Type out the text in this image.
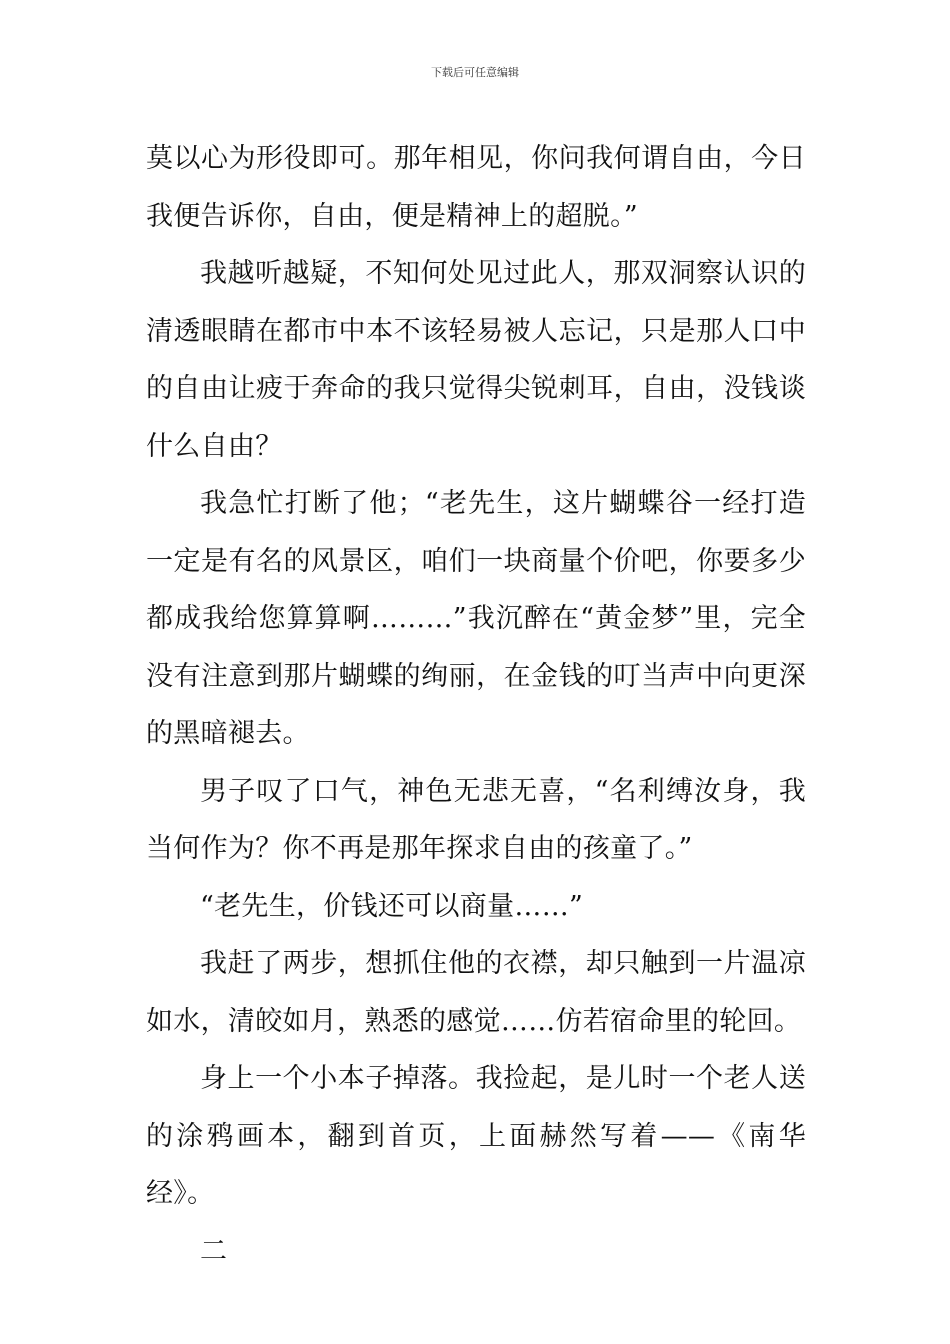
下载后可任意编辑

莫以心为形役即可。那年相见，你问我何谓自由，今日我便告诉你，自由，便是精神上的超脱。”

我越听越疑，不知何处见过此人，那双洞察认识的清透眼睛在都市中本不该轻易被人忘记，只是那人口中的自由让疲于奔命的我只觉得尖锐刺耳，自由，没钱谈什么自由？

我急忙打断了他；“老先生，这片蝴蝶谷一经打造一定是有名的风景区，咱们一块商量个价吧，你要多少都成我给您算算啊………”我沉醉在“黄金梦”里，完全没有注意到那片蝴蝶的绚丽，在金钱的叮当声中向更深的黑暗褪去。

男子叹了口气，神色无悲无喜，“名利缚汝身，我当何作为？你不再是那年探求自由的孩童了。”

“老先生，价钱还可以商量……”

我赶了两步，想抓住他的衣襟，却只触到一片温凉如水，清皎如月，熟悉的感觉……仿若宿命里的轮回。

身上一个小本子掉落。我捡起，是儿时一个老人送的涂鸦画本，翻到首页，上面赫然写着——《南华经》。

二
